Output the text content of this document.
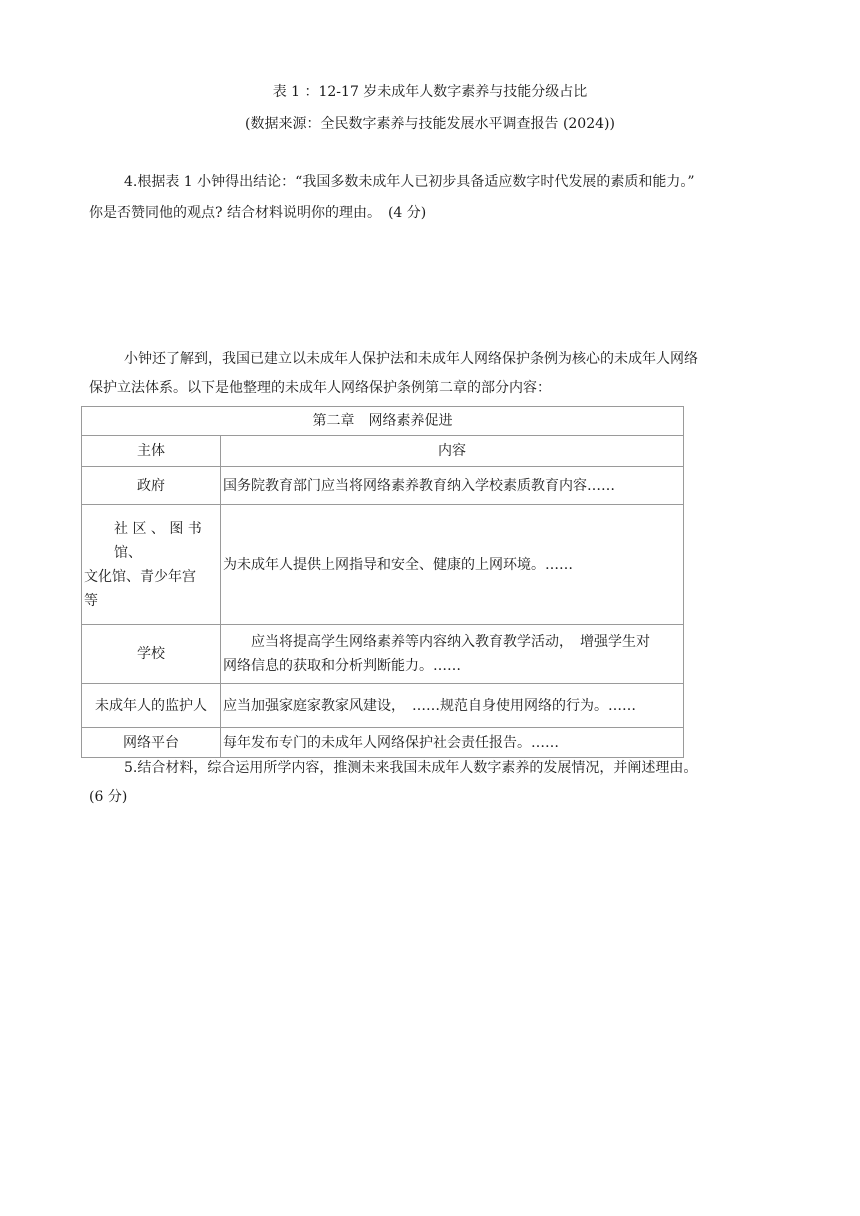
表 1 ：12-17 岁未成年人数字素养与技能分级占比
(数据来源：全民数字素养与技能发展水平调查报告 (2024))
4.根据表 1 小钟得出结论：“我国多数未成年人已初步具备适应数字时代发展的素质和能力。”
你是否赞同他的观点? 结合材料说明你的理由。　(4 分)
小钟还了解到，我国已建立以未成年人保护法和未成年人网络保护条例为核心的未成年人网络
保护立法体系。以下是他整理的未成年人网络保护条例第二章的部分内容：
第二章　网络素养促进	
主体	内容
政府	国务院教育部门应当将网络素养教育纳入学校素质教育内容……

社 区 、 图 书
馆、
文化馆、青少年宫
等	为未成年人提供上网指导和安全、健康的上网环境。……
学校	应当将提高学生网络素养等内容纳入教育教学活动，　增强学生对
网络信息的获取和分析判断能力。……

未成年人的监护人	应当加强家庭家教家风建设，　……规范自身使用网络的行为。……
网络平台	每年发布专门的未成年人网络保护社会责任报告。……
5.结合材料，综合运用所学内容，推测未来我国未成年人数字素养的发展情况，并阐述理由。
(6 分)
